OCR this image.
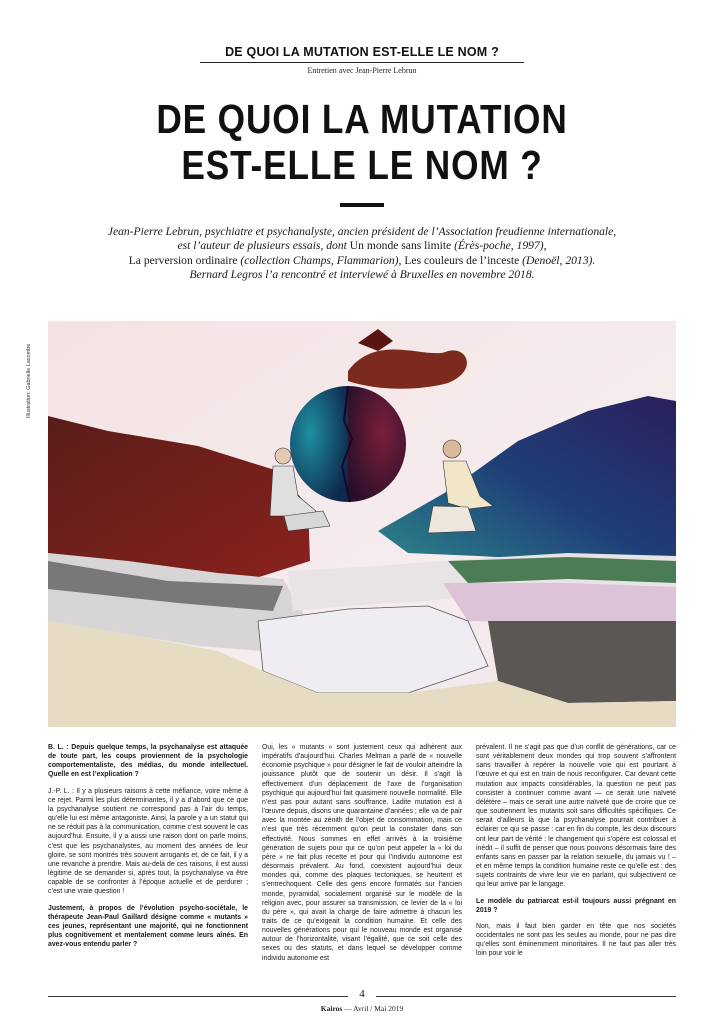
DE QUOI LA MUTATION EST-ELLE LE NOM ?
Entretien avec Jean-Pierre Lebrun
DE QUOI LA MUTATION
EST-ELLE LE NOM ?

Jean-Pierre Lebrun, psychiatre et psychanalyste, ancien président de l’Association freudienne internationale,

est l’auteur de plusieurs essais, dont Un monde sans limite (Érès-poche, 1997),

La perversion ordinaire (collection Champs, Flammarion), Les couleurs de l’inceste (Denoël, 2013).

Bernard Legros l’a rencontré et interviewé à Bruxelles en novembre 2018.

Illustration: Gabrielle Lacombe

B. L. : Depuis quelque temps, la psychanalyse est attaquée de toute part, les coups proviennent de la psychologie comportementaliste, des médias, du monde intellectuel. Quelle en est l’explication ?

J.-P. L. : Il y a plusieurs raisons à cette méfiance, voire même à ce rejet. Parmi les plus déterminantes, il y a d’abord que ce que la psychanalyse soutient ne correspond pas à l’air du temps, qu’elle lui est même antagoniste. Ainsi, la parole y a un statut qui ne se réduit pas à la communication, comme c’est souvent le cas aujourd’hui. Ensuite, il y a aussi une raison dont on parle moins, c’est que les psychanalystes, au moment des années de leur gloire, se sont montrés très souvent arrogants et, de ce fait, il y a une revanche à prendre. Mais au-delà de ces raisons, il est aussi légitime de se demander si, après tout, la psychanalyse va être capable de se confronter à l’époque actuelle et de perdurer ; c’est une vraie question !

Justement, à propos de l’évolution psycho-sociétale, le thérapeute Jean-Paul Gaillard désigne comme « mutants » ces jeunes, représentant une majorité, qui ne fonctionnent plus cognitivement et mentalement comme leurs aînés. En avez-vous entendu parler ?

Oui, les « mutants » sont justement ceux qui adhèrent aux impératifs d’aujourd’hui. Charles Melman a parlé de « nouvelle économie psychique » pour désigner le fait de vouloir atteindre la jouissance plutôt que de soutenir un désir. Il s’agit là effectivement d’un déplacement de l’axe de l’organisation psychique qui aujourd’hui fait quasiment nouvelle normalité. Elle n’est pas pour autant sans souffrance. Ladite mutation est à l’œuvre depuis, disons une quarantaine d’années ; elle va de pair avec la montée au zénith de l’objet de consommation, mais ce n’est que très récemment qu’on peut la constater dans son effectivité. Nous sommes en effet arrivés à la troisième génération de sujets pour qui ce qu’on peut appeler la « loi du père » ne fait plus recette et pour qui l’individu autonome est désormais prévalent. Au fond, coexistent aujourd’hui deux mondes qui, comme des plaques tectoniques, se heurtent et s’entrechoquent. Celle des gens encore formatés sur l’ancien monde, pyramidal, socialement organisé sur le modèle de la religion avec, pour assurer sa transmission, ce levier de la « loi du père », qui avait la charge de faire admettre à chacun les traits de ce qu’exigeait la condition humaine. Et celle des nouvelles générations pour qui le nouveau monde est organisé autour de l’horizontalité, visant l’égalité, que ce soit celle des sexes ou des statuts, et dans lequel se développer comme individu autonome est

prévalent. Il ne s’agit pas que d’un conflit de générations, car ce sont véritablement deux mondes qui trop souvent s’affrontent sans travailler à repérer la nouvelle voie qui est pourtant à l’œuvre et qui est en train de nous reconfigurer. Car devant cette mutation aux impacts considérables, la question ne peut pas consister à continuer comme avant — ce serait une naïveté délétère – mais ce serait une autre naïveté que de croire que ce que soutiennent les mutants soit sans difficultés spécifiques. Ce serait d’ailleurs là que la psychanalyse pourrait contribuer à éclairer ce qui se passe : car en fin du compte, les deux discours ont leur part de vérité : le changement qui s’opère est colossal et inédit – il suffit de penser que nous pouvons désormais faire des enfants sans en passer par la relation sexuelle, du jamais vu ! – et en même temps la condition humaine reste ce qu’elle est : des sujets contraints de vivre leur vie en parlant, qui subjectivent ce qui leur arrive par le langage.

Le modèle du patriarcat est-il toujours aussi prégnant en 2019 ?

Non, mais il faut bien garder en tête que nos sociétés occidentales ne sont pas les seules au monde, pour ne pas dire qu’elles sont éminemment minoritaires. Il ne faut pas aller très loin pour voir le

4
Kairos — Avril / Mai 2019
